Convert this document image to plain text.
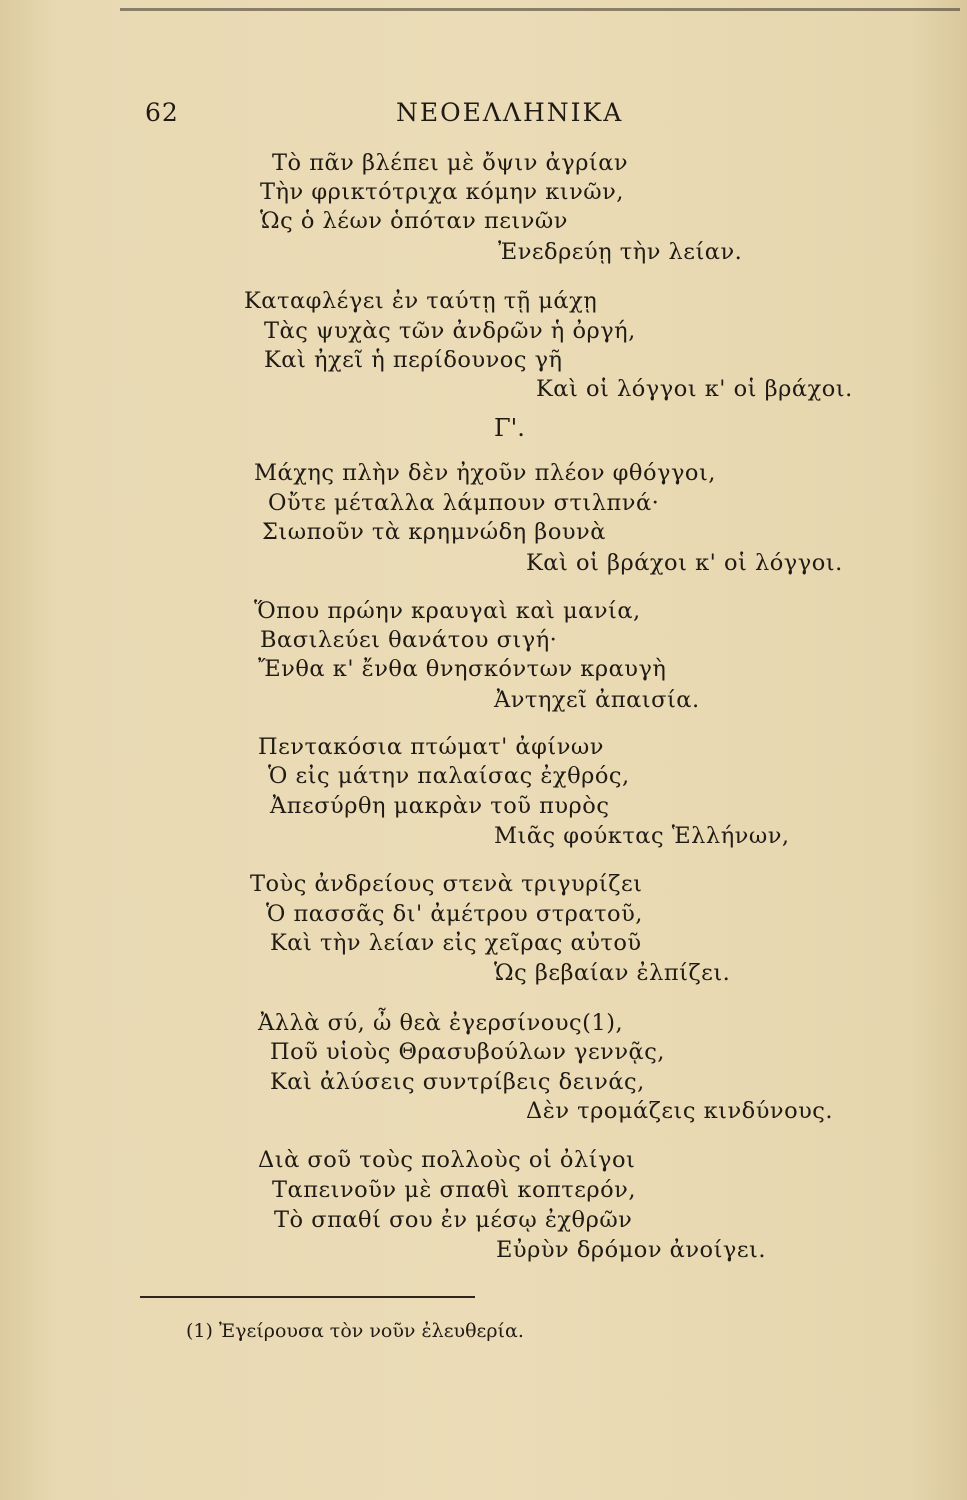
62	ΝΕΟΕΛΛΗΝΙΚΑ
Τὸ πᾶν βλέπει μὲ ὄψιν ἀγρίαν
Τὴν φρικτότριχα κόμην κινῶν,
Ὡς ὁ λέων ὁπόταν πεινῶν
Ἐνεδρεύῃ τὴν λείαν.
Καταφλέγει ἐν ταύτῃ τῇ μάχῃ
Τὰς ψυχὰς τῶν ἀνδρῶν ἡ ὀργή,
Καὶ ἠχεῖ ἡ περίδουνος γῆ
Καὶ οἱ λόγγοι κ' οἱ βράχοι.
Γ'.
Μάχης πλὴν δὲν ἠχοῦν πλέον φθόγγοι,
Οὔτε μέταλλα λάμπουν στιλπνά·
Σιωποῦν τὰ κρημνώδη βουνὰ
Καὶ οἱ βράχοι κ' οἱ λόγγοι.
Ὅπου πρώην κραυγαὶ καὶ μανία,
Βασιλεύει θανάτου σιγή·
Ἔνθα κ' ἔνθα θνησκόντων κραυγὴ
Ἀντηχεῖ ἀπαισία.
Πεντακόσια πτώματ' ἀφίνων
Ὁ εἰς μάτην παλαίσας ἐχθρός,
Ἀπεσύρθη μακρὰν τοῦ πυρὸς
Μιᾶς φούκτας Ἑλλήνων,
Τοὺς ἀνδρείους στενὰ τριγυρίζει
Ὁ πασσᾶς δι' ἀμέτρου στρατοῦ,
Καὶ τὴν λείαν εἰς χεῖρας αὐτοῦ
Ὡς βεβαίαν ἐλπίζει.
Ἀλλὰ σύ, ὦ θεὰ ἐγερσίνους(1),
Ποῦ υἱοὺς Θρασυβούλων γεννᾷς,
Καὶ ἀλύσεις συντρίβεις δεινάς,
Δὲν τρομάζεις κινδύνους.
Διὰ σοῦ τοὺς πολλοὺς οἱ ὀλίγοι
Ταπεινοῦν μὲ σπαθὶ κοπτερόν,
Τὸ σπαθί σου ἐν μέσῳ ἐχθρῶν
Εὐρὺν δρόμον ἀνοίγει.
(1) Ἐγείρουσα τὸν νοῦν ἐλευθερία.
